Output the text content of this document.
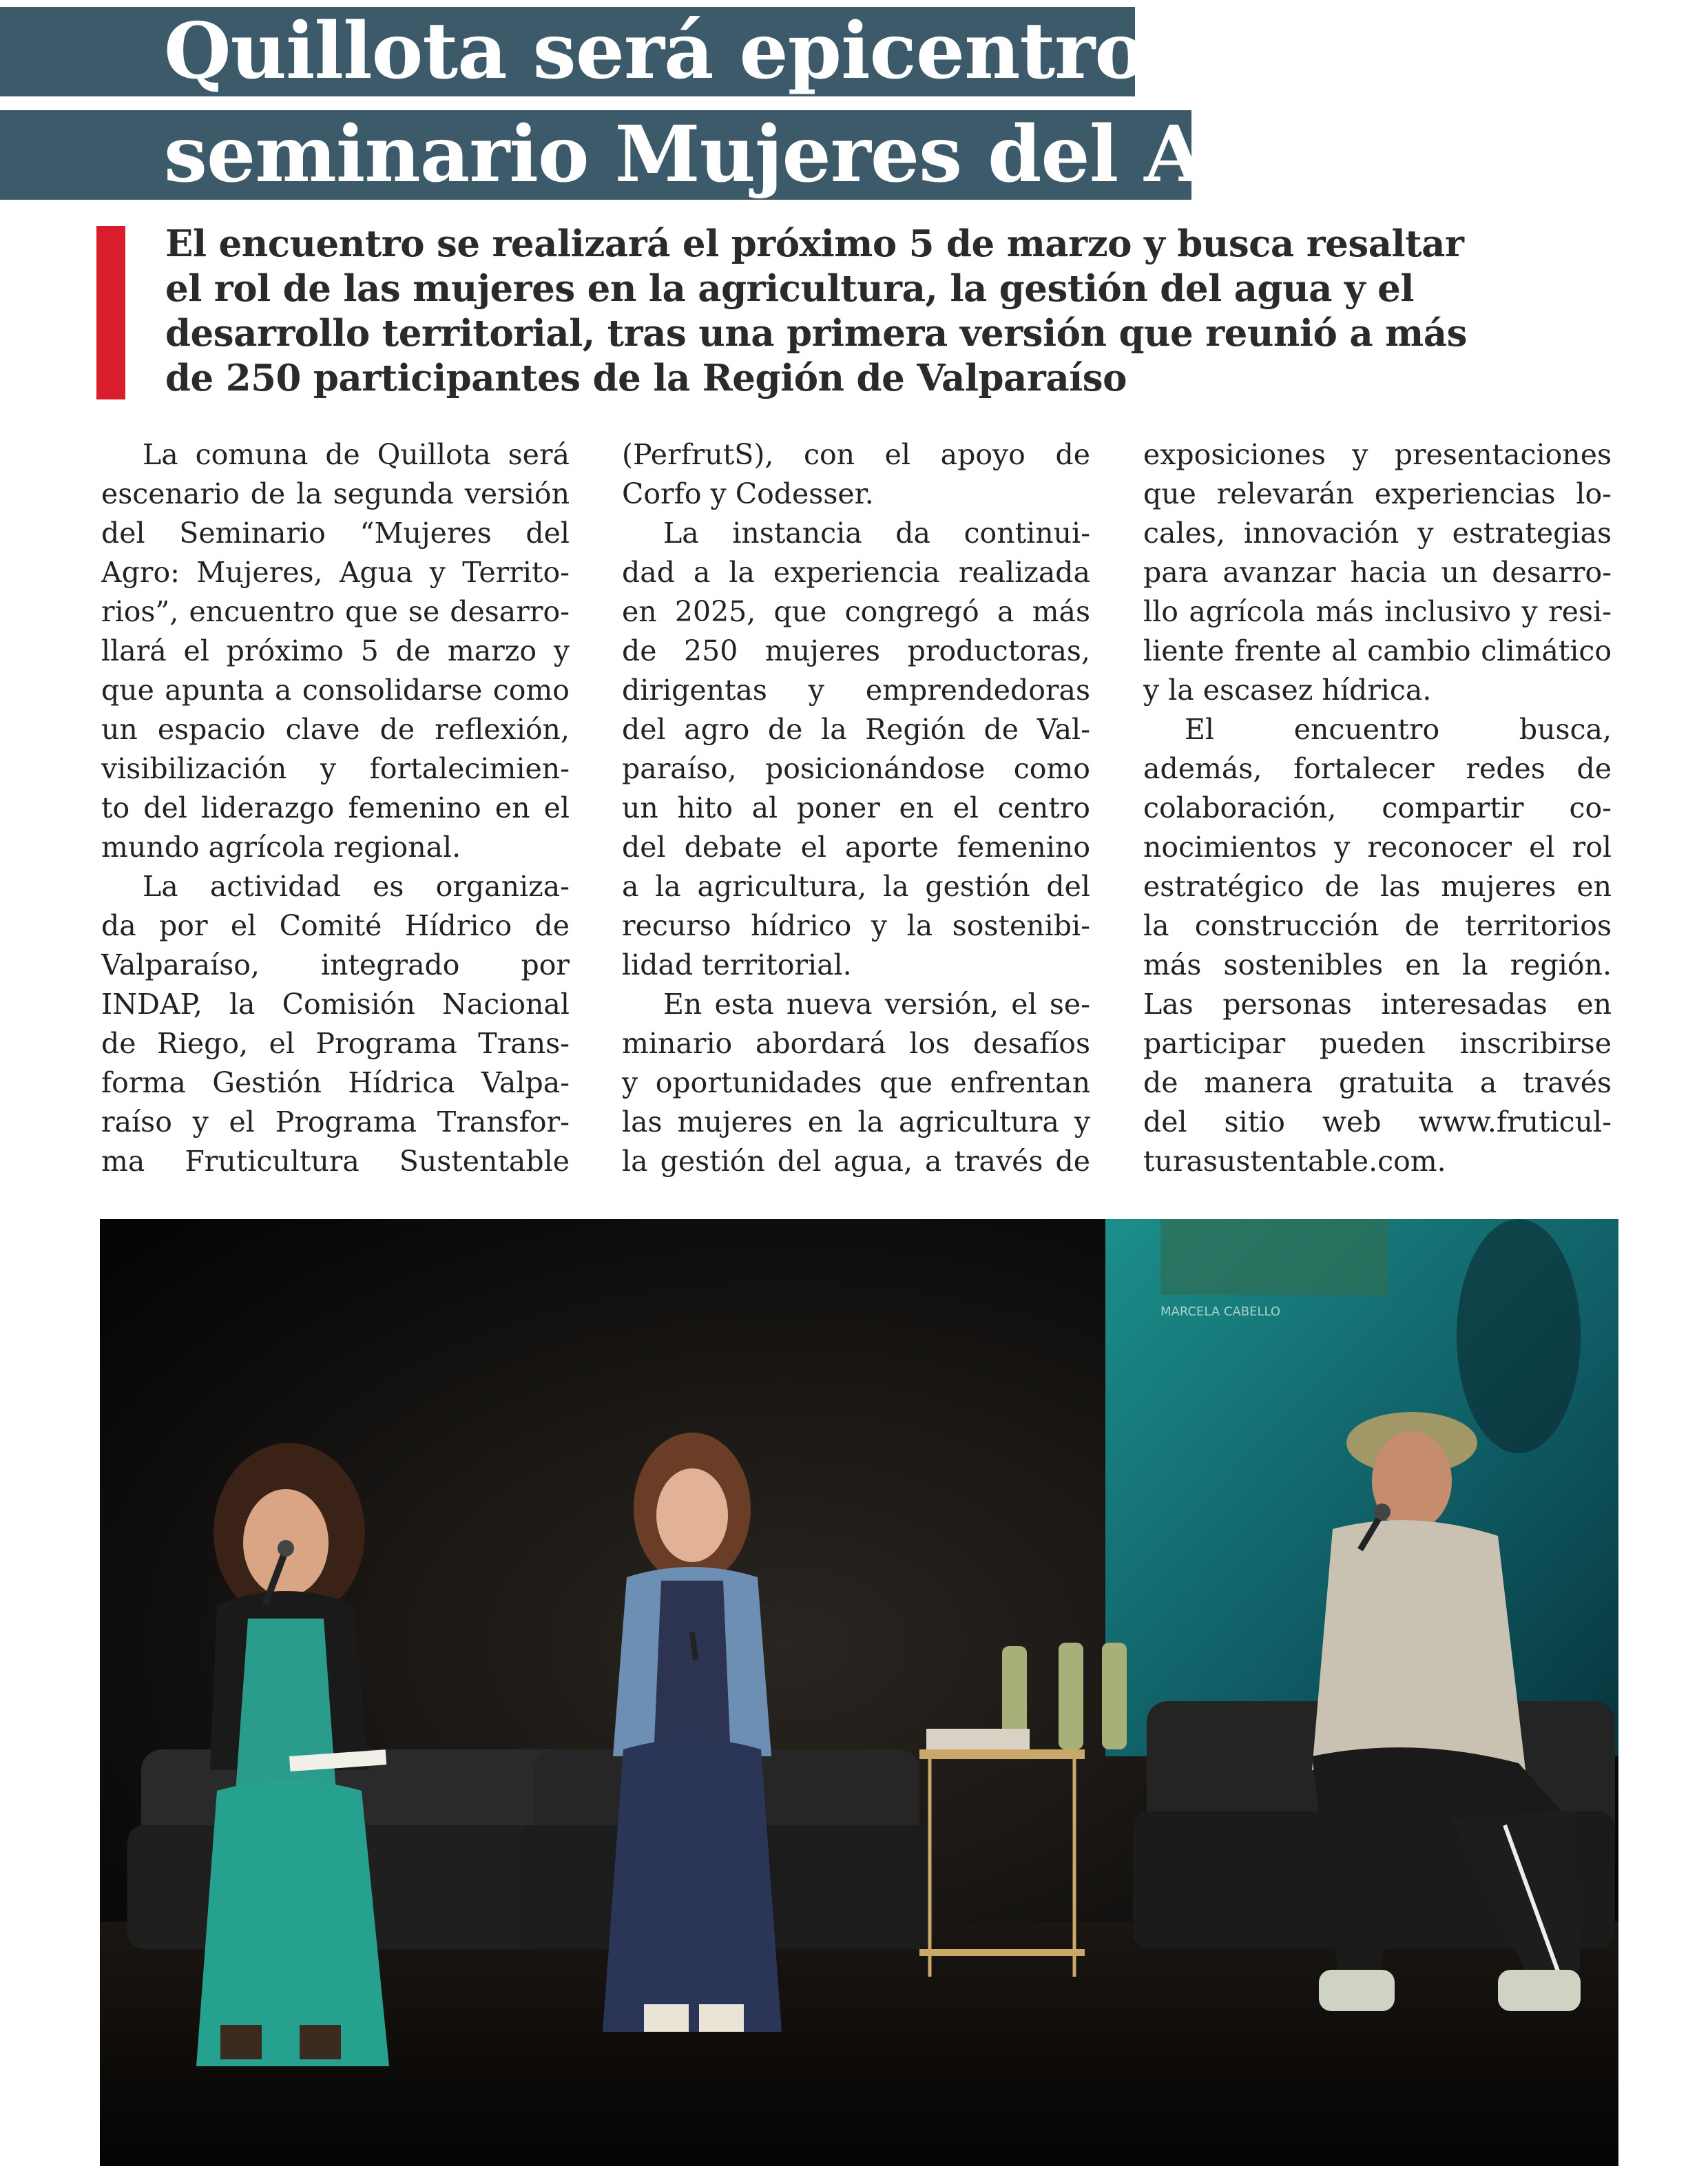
Quillota será epicentro del
seminario Mujeres del Agro
El encuentro se realizará el próximo 5 de marzo y busca resaltar
el rol de las mujeres en la agricultura, la gestión del agua y el
desarrollo territorial, tras una primera versión que reunió a más
de 250 participantes de la Región de Valparaíso
La comuna de Quillota será
escenario de la segunda versión
del Seminario “Mujeres del
Agro: Mujeres, Agua y Territo-
rios”, encuentro que se desarro-
llará el próximo 5 de marzo y
que apunta a consolidarse como
un espacio clave de reflexión,
visibilización y fortalecimien-
to del liderazgo femenino en el
mundo agrícola regional.
La actividad es organiza-
da por el Comité Hídrico de
Valparaíso, integrado por
INDAP, la Comisión Nacional
de Riego, el Programa Trans-
forma Gestión Hídrica Valpa-
raíso y el Programa Transfor-
ma Fruticultura Sustentable
(PerfrutS), con el apoyo de
Corfo y Codesser.
La instancia da continui-
dad a la experiencia realizada
en 2025, que congregó a más
de 250 mujeres productoras,
dirigentas y emprendedoras
del agro de la Región de Val-
paraíso, posicionándose como
un hito al poner en el centro
del debate el aporte femenino
a la agricultura, la gestión del
recurso hídrico y la sostenibi-
lidad territorial.
En esta nueva versión, el se-
minario abordará los desafíos
y oportunidades que enfrentan
las mujeres en la agricultura y
la gestión del agua, a través de
exposiciones y presentaciones
que relevarán experiencias lo-
cales, innovación y estrategias
para avanzar hacia un desarro-
llo agrícola más inclusivo y resi-
liente frente al cambio climático
y la escasez hídrica.
El encuentro busca,
además, fortalecer redes de
colaboración, compartir co-
nocimientos y reconocer el rol
estratégico de las mujeres en
la construcción de territorios
más sostenibles en la región.
Las personas interesadas en
participar pueden inscribirse
de manera gratuita a través
del sitio web www.fruticul-
turasustentable.com.
MARCELA CABELLO
